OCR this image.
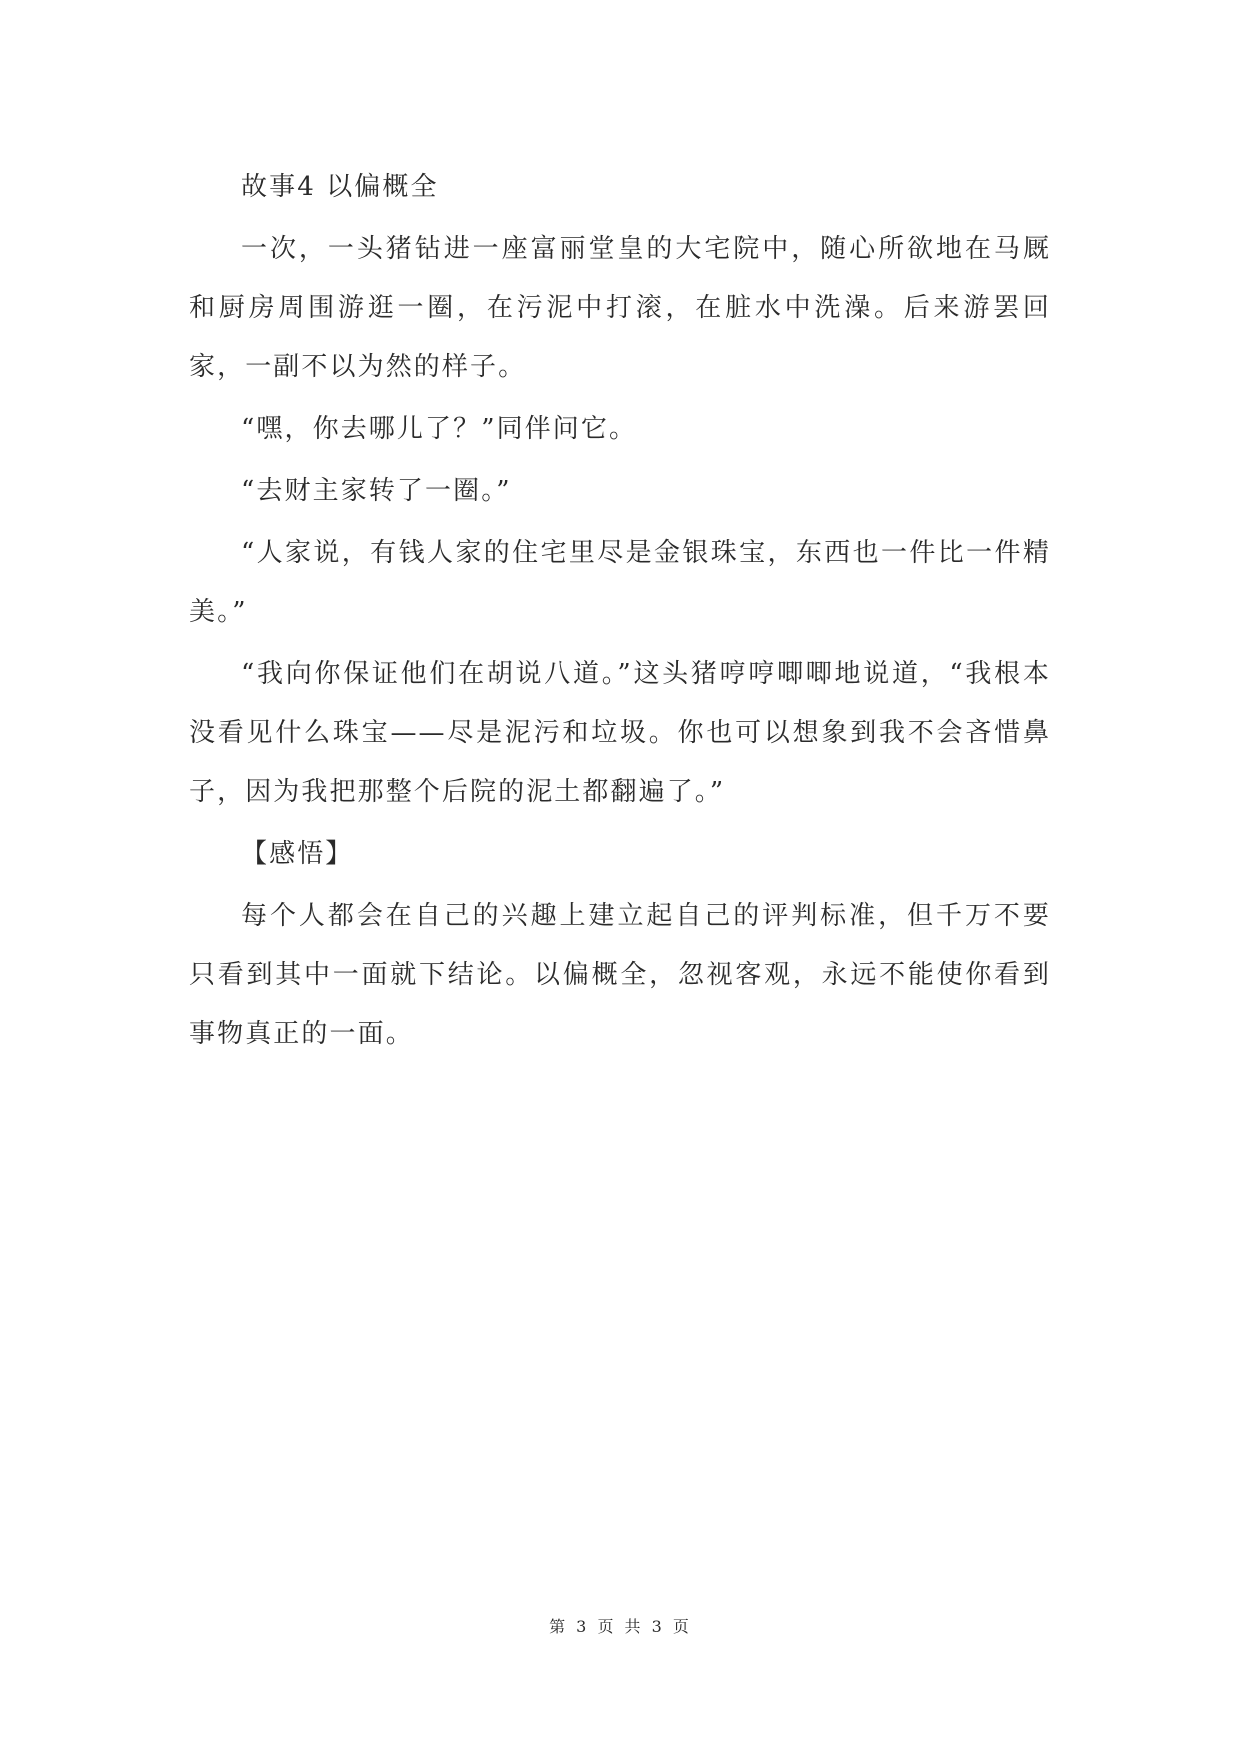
故事4 以偏概全

一次，一头猪钻进一座富丽堂皇的大宅院中，随心所欲地在马厩和厨房周围游逛一圈，在污泥中打滚，在脏水中洗澡。后来游罢回家，一副不以为然的样子。

“嘿，你去哪儿了？”同伴问它。

“去财主家转了一圈。”

“人家说，有钱人家的住宅里尽是金银珠宝，东西也一件比一件精美。”

“我向你保证他们在胡说八道。”这头猪哼哼唧唧地说道，“我根本没看见什么珠宝——尽是泥污和垃圾。你也可以想象到我不会吝惜鼻子，因为我把那整个后院的泥土都翻遍了。”

【感悟】

每个人都会在自己的兴趣上建立起自己的评判标准，但千万不要只看到其中一面就下结论。以偏概全，忽视客观，永远不能使你看到事物真正的一面。

第 3 页 共 3 页
